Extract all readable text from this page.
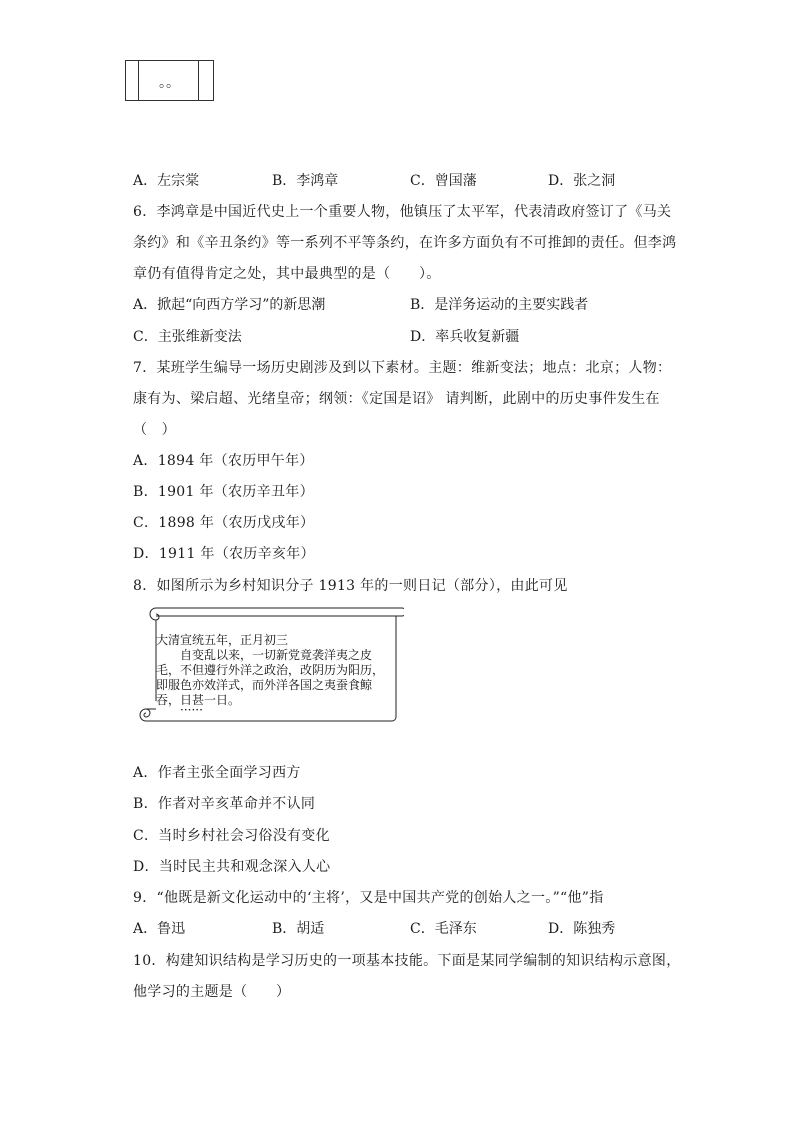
。。
A．左宗棠	B．李鸿章	C．曾国藩	D．张之洞
6．李鸿章是中国近代史上一个重要人物，他镇压了太平军，代表清政府签订了《马关
条约》和《辛丑条约》等一系列不平等条约，在许多方面负有不可推卸的责任。但李鸿
章仍有值得肯定之处，其中最典型的是（　　）。
A．掀起“向西方学习”的新思潮	B．是洋务运动的主要实践者
C．主张维新变法	D．率兵收复新疆
7．某班学生编导一场历史剧涉及到以下素材。主题：维新变法；地点：北京；人物：
康有为、梁启超、光绪皇帝；纲领：《定国是诏》 请判断，此剧中的历史事件发生在
（　）
A．1894 年（农历甲午年）
B．1901 年（农历辛丑年）
C．1898 年（农历戊戌年）
D．1911 年（农历辛亥年）
8．如图所示为乡村知识分子 1913 年的一则日记（部分），由此可见
大清宣统五年，正月初三
　　自变乱以来，一切新党竟袭洋夷之皮
毛，不但遵行外洋之政治，改阴历为阳历，
即服色亦效洋式，而外洋各国之夷蚕食鲸
吞，日甚一日。
　　······
A．作者主张全面学习西方
B．作者对辛亥革命并不认同
C．当时乡村社会习俗没有变化
D．当时民主共和观念深入人心
9．“他既是新文化运动中的‘主将’，又是中国共产党的创始人之一。”“他”指
A．鲁迅	B．胡适	C．毛泽东	D．陈独秀
10．构建知识结构是学习历史的一项基本技能。下面是某同学编制的知识结构示意图，
他学习的主题是（　　）
